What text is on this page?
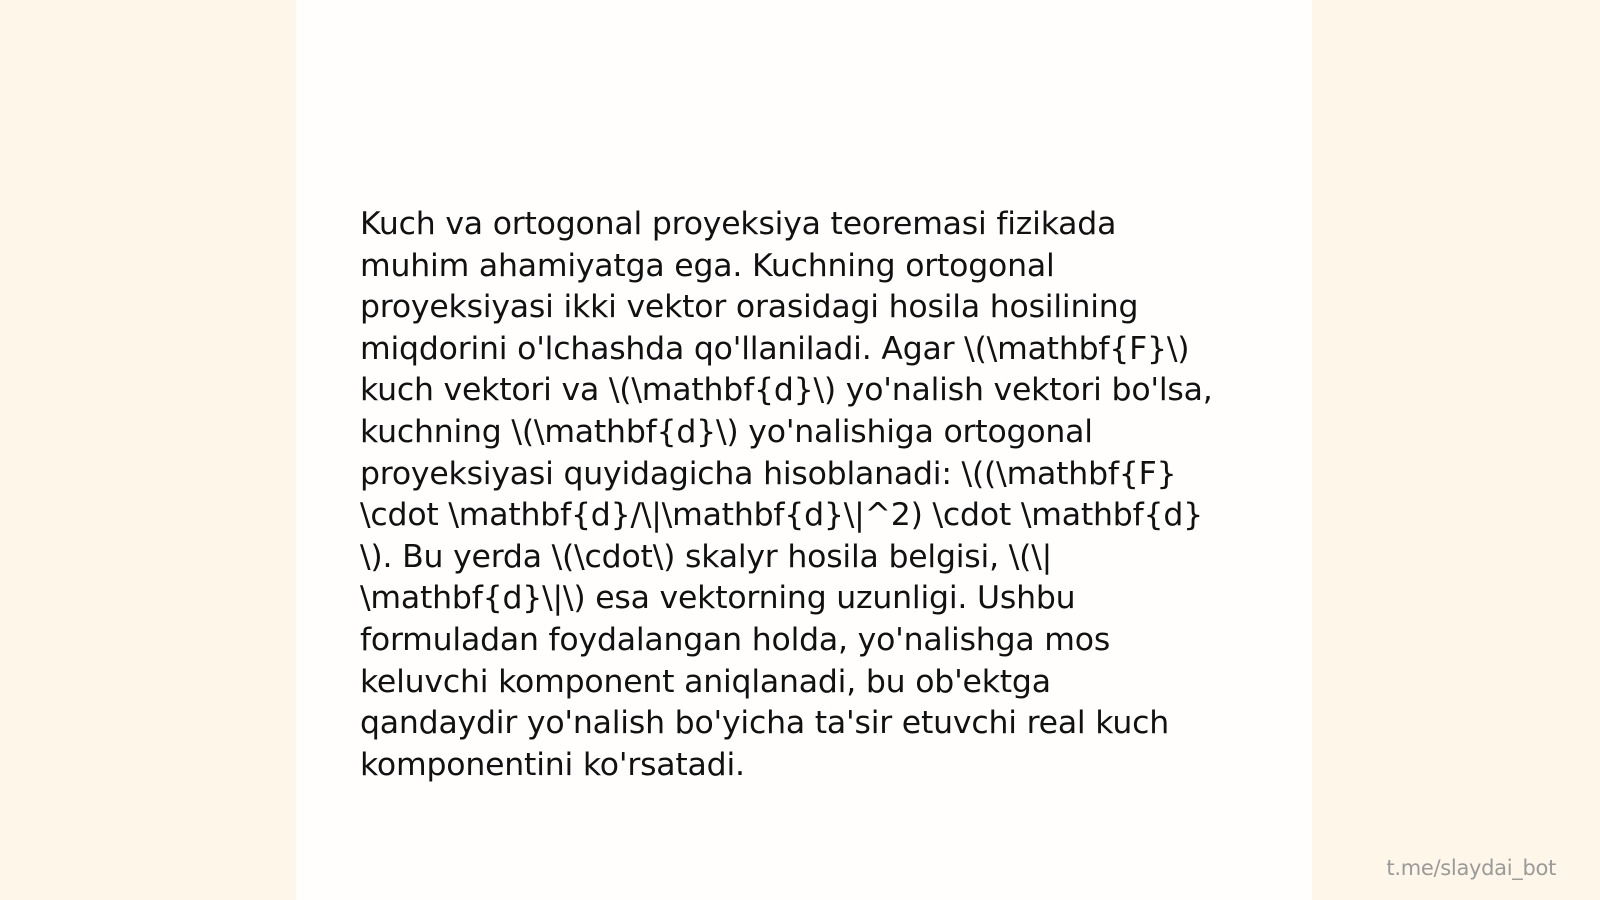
Kuch va ortogonal proyeksiya teoremasi fizikada
muhim ahamiyatga ega. Kuchning ortogonal
proyeksiyasi ikki vektor orasidagi hosila hosilining
miqdorini o'lchashda qo'llaniladi. Agar \(\mathbf{F}\)
kuch vektori va \(\mathbf{d}\) yo'nalish vektori bo'lsa,
kuchning \(\mathbf{d}\) yo'nalishiga ortogonal
proyeksiyasi quyidagicha hisoblanadi: \((\mathbf{F}
\cdot \mathbf{d}/\|\mathbf{d}\|^2) \cdot \mathbf{d}
\). Bu yerda \(\cdot\) skalyr hosila belgisi, \(\|
\mathbf{d}\|\) esa vektorning uzunligi. Ushbu
formuladan foydalangan holda, yo'nalishga mos
keluvchi komponent aniqlanadi, bu ob'ektga
qandaydir yo'nalish bo'yicha ta'sir etuvchi real kuch
komponentini ko'rsatadi.

t.me/slaydai_bot
